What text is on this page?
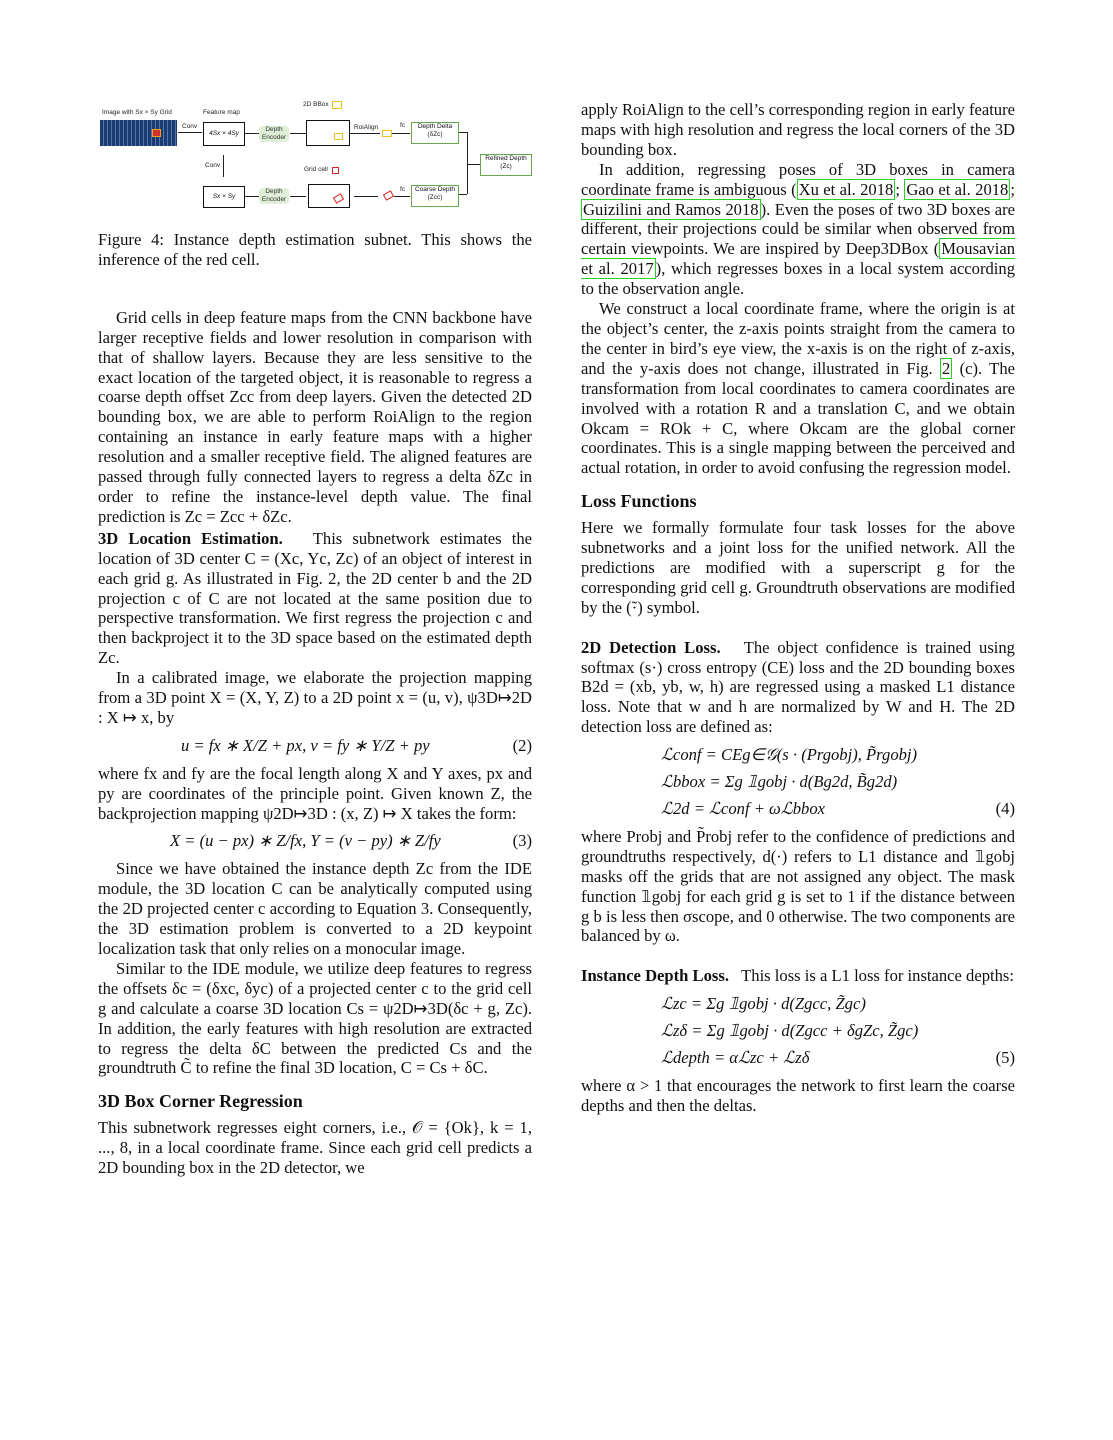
Image with Sx × Sy Grid	Feature map
Conv
4Sx × 4Sy
Depth Encoder
2D BBox
RoiAlign	fc	Depth Delta
(δZc)
Refined Depth
(Zc)
Conv
Sx × Sy
Depth Encoder
Grid cell
fc	Coarse Depth
(Zcc)

Figure 4: Instance depth estimation subnet. This shows the inference of the red cell.

Grid cells in deep feature maps from the CNN backbone have larger receptive fields and lower resolution in comparison with that of shallow layers. Because they are less sensitive to the exact location of the targeted object, it is reasonable to regress a coarse depth offset Zcc from deep layers. Given the detected 2D bounding box, we are able to perform RoiAlign to the region containing an instance in early feature maps with a higher resolution and a smaller receptive field. The aligned features are passed through fully connected layers to regress a delta δZc in order to refine the instance-level depth value. The final prediction is Zc = Zcc + δZc.

3D Location Estimation. This subnetwork estimates the location of 3D center C = (Xc, Yc, Zc) of an object of interest in each grid g. As illustrated in Fig. 2, the 2D center b and the 2D projection c of C are not located at the same position due to perspective transformation. We first regress the projection c and then backproject it to the 3D space based on the estimated depth Zc.

In a calibrated image, we elaborate the projection mapping from a 3D point X = (X, Y, Z) to a 2D point x = (u, v), ψ3D↦2D : X ↦ x, by

u = fx ∗ X/Z + px, v = fy ∗ Y/Z + py	(2)

where fx and fy are the focal length along X and Y axes, px and py are coordinates of the principle point. Given known Z, the backprojection mapping ψ2D↦3D : (x, Z) ↦ X takes the form:

X = (u − px) ∗ Z/fx, Y = (v − py) ∗ Z/fy	(3)

Since we have obtained the instance depth Zc from the IDE module, the 3D location C can be analytically computed using the 2D projected center c according to Equation 3. Consequently, the 3D estimation problem is converted to a 2D keypoint localization task that only relies on a monocular image.

Similar to the IDE module, we utilize deep features to regress the offsets δc = (δxc, δyc) of a projected center c to the grid cell g and calculate a coarse 3D location Cs = ψ2D↦3D(δc + g, Zc). In addition, the early features with high resolution are extracted to regress the delta δC between the predicted Cs and the groundtruth C̃ to refine the final 3D location, C = Cs + δC.

3D Box Corner Regression

This subnetwork regresses eight corners, i.e., 𝒪 = {Ok}, k = 1, ..., 8, in a local coordinate frame. Since each grid cell predicts a 2D bounding box in the 2D detector, we

apply RoiAlign to the cell’s corresponding region in early feature maps with high resolution and regress the local corners of the 3D bounding box.

In addition, regressing poses of 3D boxes in camera coordinate frame is ambiguous ( Xu et al. 2018 ; Gao et al. 2018 ; Guizilini and Ramos 2018 ). Even the poses of two 3D boxes are different, their projections could be similar when observed from certain viewpoints. We are inspired by Deep3DBox ( Mousavian et al. 2017 ), which regresses boxes in a local system according to the observation angle.

We construct a local coordinate frame, where the origin is at the object’s center, the z-axis points straight from the camera to the center in bird’s eye view, the x-axis is on the right of z-axis, and the y-axis does not change, illustrated in Fig. 2 (c). The transformation from local coordinates to camera coordinates are involved with a rotation R and a translation C, and we obtain Okcam = ROk + C, where Okcam are the global corner coordinates. This is a single mapping between the perceived and actual rotation, in order to avoid confusing the regression model.

Loss Functions

Here we formally formulate four task losses for the above subnetworks and a joint loss for the unified network. All the predictions are modified with a superscript g for the corresponding grid cell g. Groundtruth observations are modified by the (̃·) symbol.

2D Detection Loss. The object confidence is trained using softmax (s·) cross entropy (CE) loss and the 2D bounding boxes B2d = (xb, yb, w, h) are regressed using a masked L1 distance loss. Note that w and h are normalized by W and H. The 2D detection loss are defined as:

ℒconf = CEg∈𝒢(s · (Prgobj), P̃rgobj)
ℒbbox = Σg 𝟙gobj · d(Bg2d, B̃g2d)
ℒ2d = ℒconf + ωℒbbox	(4)

where Probj and P̃robj refer to the confidence of predictions and groundtruths respectively, d(·) refers to L1 distance and 𝟙gobj masks off the grids that are not assigned any object. The mask function 𝟙gobj for each grid g is set to 1 if the distance between g b is less then σscope, and 0 otherwise. The two components are balanced by ω.

Instance Depth Loss. This loss is a L1 loss for instance depths:

ℒzc = Σg 𝟙gobj · d(Zgcc, Z̃gc)
ℒzδ = Σg 𝟙gobj · d(Zgcc + δgZc, Z̃gc)
ℒdepth = αℒzc + ℒzδ	(5)

where α > 1 that encourages the network to first learn the coarse depths and then the deltas.
